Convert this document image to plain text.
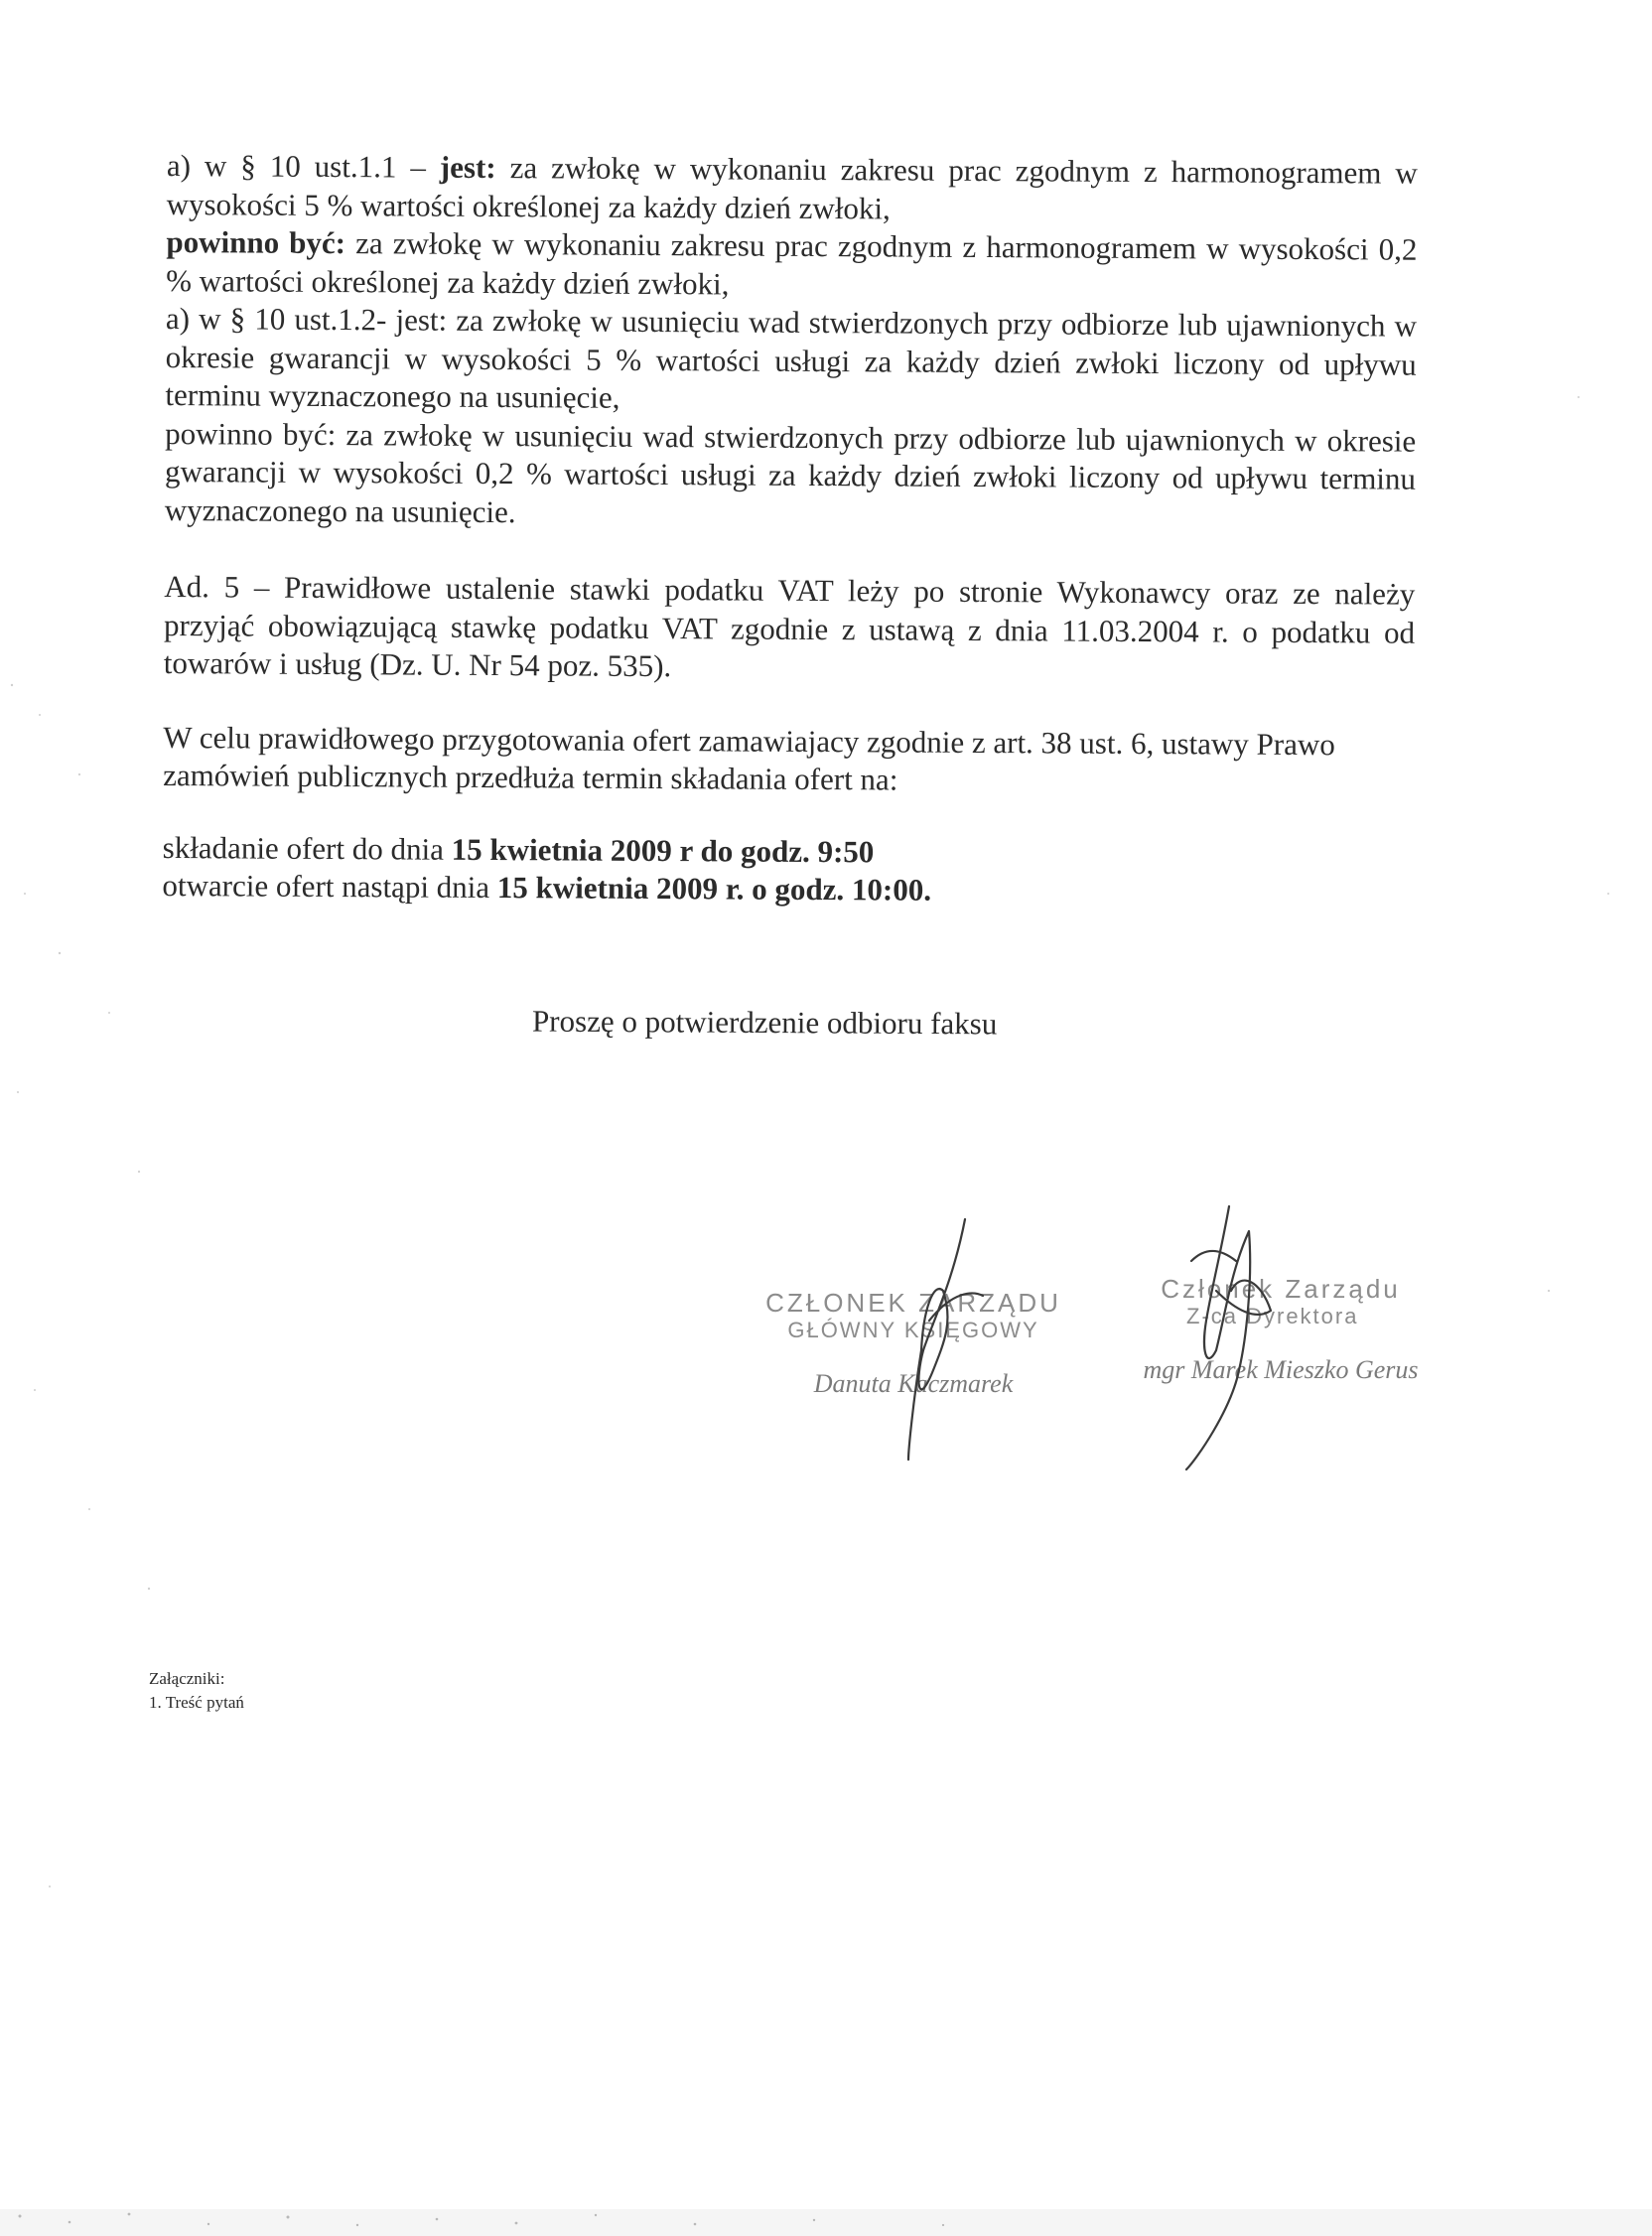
a) w § 10 ust.1.1 – jest: za zwłokę w wykonaniu zakresu prac zgodnym z harmonogramem w wysokości 5 % wartości określonej za każdy dzień zwłoki,

powinno być: za zwłokę w wykonaniu zakresu prac zgodnym z harmonogramem w wysokości 0,2 % wartości określonej za każdy dzień zwłoki,

a) w § 10 ust.1.2- jest: za zwłokę w usunięciu wad stwierdzonych przy odbiorze lub ujawnionych w okresie gwarancji w wysokości 5 % wartości usługi za każdy dzień zwłoki liczony od upływu terminu wyznaczonego na usunięcie,

powinno być: za zwłokę w usunięciu wad stwierdzonych przy odbiorze lub ujawnionych w okresie gwarancji w wysokości 0,2 % wartości usługi za każdy dzień zwłoki liczony od upływu terminu wyznaczonego na usunięcie.

Ad. 5 – Prawidłowe ustalenie stawki podatku VAT leży po stronie Wykonawcy oraz ze należy przyjąć obowiązującą stawkę podatku VAT zgodnie z ustawą z dnia 11.03.2004 r. o podatku od towarów i usług (Dz. U. Nr 54 poz. 535).

W celu prawidłowego przygotowania ofert zamawiajacy zgodnie z art. 38 ust. 6, ustawy Prawo zamówień publicznych przedłuża termin składania ofert na:

składanie ofert do dnia 15 kwietnia 2009 r do godz. 9:50

otwarcie ofert nastąpi dnia 15 kwietnia 2009 r. o godz. 10:00.

Proszę o potwierdzenie odbioru faksu
CZŁONEK ZARZĄDU
GŁÓWNY KSIĘGOWY
Danuta Kaczmarek
Członek Zarządu
Z-ca Dyrektora
mgr Marek Mieszko Gerus
Załączniki:
1. Treść pytań
